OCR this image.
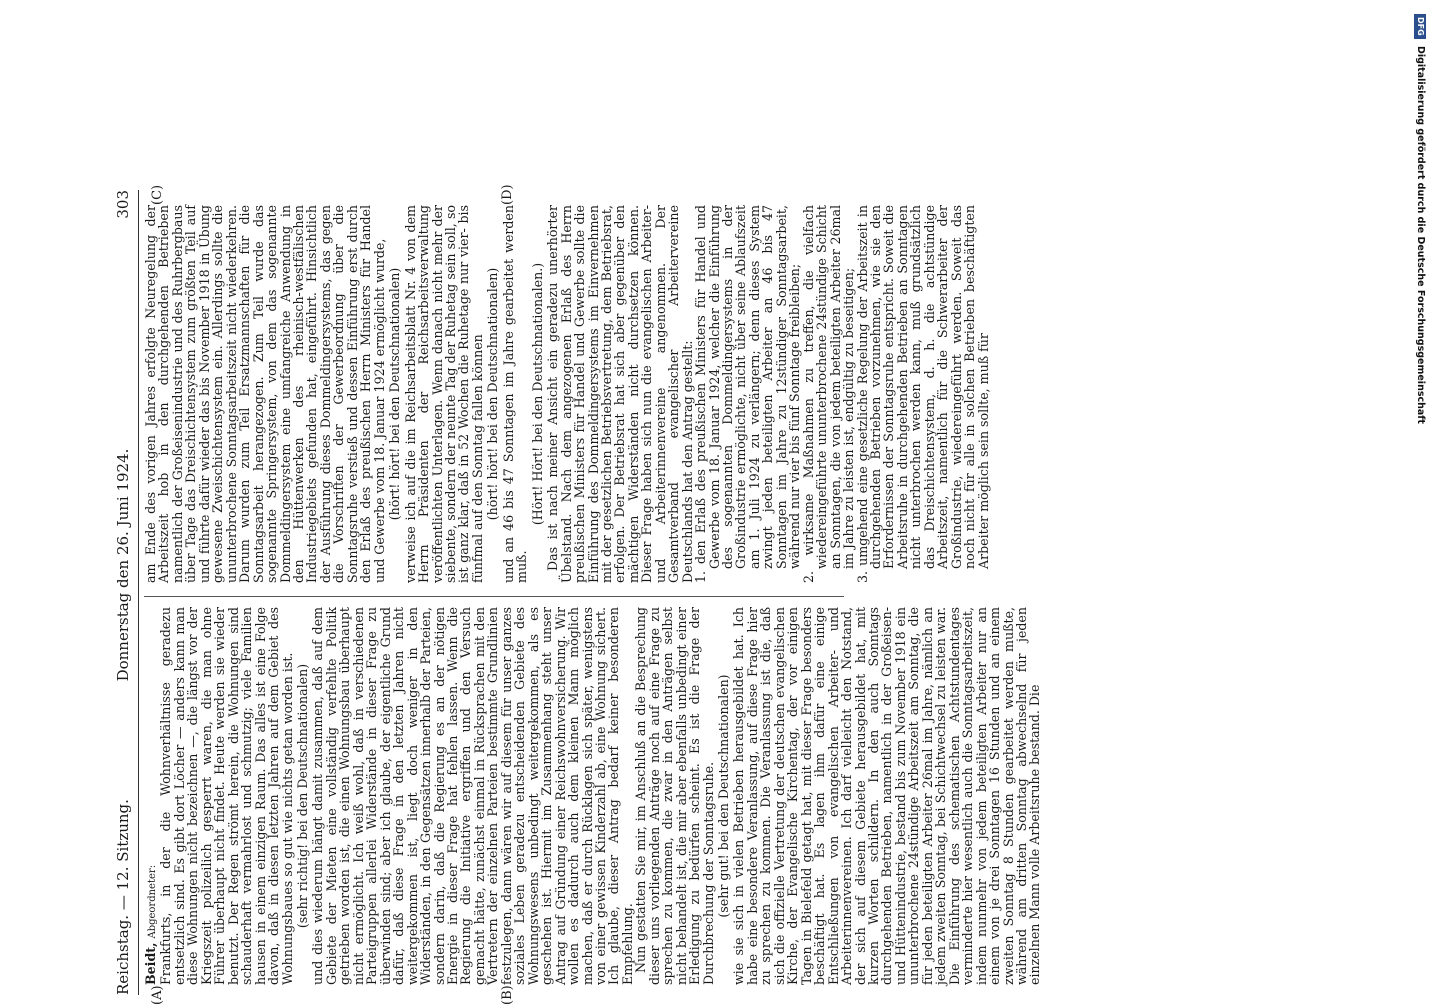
Reichstag. — 12. Sitzung.
Donnerstag den 26. Juni 1924.
303
(A)	(B)
(C)	(D)

Beidt, Abgeordneter: Frankfurts, in der die Wohnverhältnisse geradezu entsetzlich sind. Es gibt dort Löcher — anders kann man diese Wohnungen nicht bezeichnen —, die längst vor der Kriegszeit polizeilich gesperrt waren, die man ohne Führer überhaupt nicht findet. Heute werden sie wieder benutzt. Der Regen strömt herein, die Wohnungen sind schauderhaft vermahrlost und schmutzig; viele Familien hausen in einem einzigen Raum. Das alles ist eine Folge davon, daß in diesen letzten Jahren auf dem Gebiet des Wohnungsbaues so gut wie nichts getan worden ist. (sehr richtig! bei den Deutschnationalen) und dies wiederum hängt damit zusammen, daß auf dem Gebiete der Mieten eine vollständig verfehlte Politik getrieben worden ist, die einen Wohnungsbau überhaupt nicht ermöglicht. Ich weiß wohl, daß in verschiedenen Parteigruppen allerlei Widerstände in dieser Frage zu überwinden sind; aber ich glaube, der eigentliche Grund dafür, daß diese Frage in den letzten Jahren nicht weitergekommen ist, liegt doch weniger in den Widerständen, in den Gegensätzen innerhalb der Parteien, sondern darin, daß die Regierung es an der nötigen Energie in dieser Frage hat fehlen lassen. Wenn die Regierung die Initiative ergriffen und den Versuch gemacht hätte, zunächst einmal in Rücksprachen mit den Vertretern der einzelnen Parteien bestimmte Grundlinien festzulegen, dann wären wir auf diesem für unser ganzes soziales Leben geradezu entscheidenden Gebiete des Wohnungswesens unbedingt weitergekommen, als es geschehen ist. Hiermit im Zusammenhang steht unser Antrag auf Gründung einer Reichswohnversicherung. Wir wollen es dadurch auch dem kleinen Mann möglich machen, daß er durch Rücklagen sich später, wenigstens von einer gewissen Kinderzahl ab, eine Wohnung sichert. Ich glaube, dieser Antrag bedarf keiner besonderen Empfehlung.

Nun gestatten Sie mir, im Anschluß an die Besprechung dieser uns vorliegenden Anträge noch auf eine Frage zu sprechen zu kommen, die zwar in den Anträgen selbst nicht behandelt ist, die mir aber ebenfalls unbedingt einer Erledigung zu bedürfen scheint. Es ist die Frage der Durchbrechung der Sonntagsruhe. (sehr gut! bei den Deutschnationalen) wie sie sich in vielen Betrieben herausgebildet hat. Ich habe eine besondere Veranlassung, auf diese Frage hier zu sprechen zu kommen. Die Veranlassung ist die, daß sich die offizielle Vertretung der deutschen evangelischen Kirche, der Evangelische Kirchentag, der vor einigen Tagen in Bielefeld getagt hat, mit dieser Frage besonders beschäftigt hat. Es lagen ihm dafür eine einige Entschließungen von evangelischen Arbeiter- und Arbeiterinnenvereinen. Ich darf vielleicht den Notstand, der sich auf diesem Gebiete herausgebildet hat, mit kurzen Worten schildern. In den auch Sonntags durchgehenden Betrieben, namentlich in der Großeisen- und Hüttenindustrie, bestand bis zum November 1918 ein ununterbrochene 24stündige Arbeitszeit am Sonntag, die für jeden beteiligten Arbeiter 26mal im Jahre, nämlich an jedem zweiten Sonntag, bei Schichtwechsel zu leisten war. Die Einführung des schematischen Achtstundentages verminderte hier wesentlich auch die Sonntagsarbeitszeit, indem nunmehr von jedem beteiligten Arbeiter nur an einem von je drei Sonntagen 16 Stunden und an einem zweiten Sonntag 8 Stunden gearbeitet werden mußte, während am dritten Sonntag abwechselnd für jeden einzelnen Mann volle Arbeitsruhe bestand. Die

am Ende des vorigen Jahres erfolgte Neuregelung der Arbeitszeit hob in den durchgehenden Betrieben namentlich der Großeisenindustrie und des Ruhrbergbaus über Tage das Dreischichtensystem zum größten Teil auf und führte dafür wieder das bis November 1918 in Übung gewesene Zweischichtensystem ein. Allerdings sollte die ununterbrochene Sonntagsarbeitszeit nicht wiederkehren. Darum wurden zum Teil Ersatzmannschaften für die Sonntagsarbeit herangezogen. Zum Teil wurde das sogenannte Springersystem, von dem das sogenannte Dommeldingersystem eine umfangreiche Anwendung in den Hüttenwerken des rheinisch-westfälischen Industriegebiets gefunden hat, eingeführt. Hinsichtlich der Ausführung dieses Dommeldingersystems, das gegen die Vorschriften der Gewerbeordnung über die Sonntagsruhe verstieß und dessen Einführung erst durch den Erlaß des preußischen Herrn Ministers für Handel und Gewerbe vom 18. Januar 1924 ermöglicht wurde, (hört! hört! bei den Deutschnationalen) verweise ich auf die im Reichsarbeitsblatt Nr. 4 von dem Herrn Präsidenten der Reichsarbeitsverwaltung veröffentlichten Unterlagen. Wenn danach nicht mehr der siebente, sondern der neunte Tag der Ruhetag sein soll, so ist ganz klar, daß in 52 Wochen die Ruhetage nur vier- bis fünfmal auf den Sonntag fallen können (hört! hört! bei den Deutschnationalen) und an 46 bis 47 Sonntagen im Jahre gearbeitet werden muß.

(Hört! Hört! bei den Deutschnationalen.) Das ist nach meiner Ansicht ein geradezu unerhörter Übelstand. Nach dem angezogenen Erlaß des Herrn preußischen Ministers für Handel und Gewerbe sollte die Einführung des Dommeldingersystems im Einvernehmen mit der gesetzlichen Betriebsvertretung, dem Betriebsrat, erfolgen. Der Betriebsrat hat sich aber gegenüber den mächtigen Widerständen nicht durchsetzen können. Dieser Frage haben sich nun die evangelischen Arbeiter- und Arbeiterinnenvereine angenommen. Der Gesamtverband evangelischer Arbeitervereine Deutschlands hat den Antrag gestellt:

1. den Erlaß des preußischen Ministers für Handel und Gewerbe vom 18. Januar 1924, welcher die Einführung des sogenannten Dommeldingersystems in der Großindustrie ermöglichte, nicht über seine Ablaufszeit am 1. Juli 1924 zu verlängern; denn dieses System zwingt jeden beteiligten Arbeiter an 46 bis 47 Sonntagen im Jahre zu 12stündiger Sonntagsarbeit, während nur vier bis fünf Sonntage freibleiben;

2. wirksame Maßnahmen zu treffen, die vielfach wiedereingeführte ununterbrochene 24stündige Schicht an Sonntagen, die von jedem beteiligten Arbeiter 26mal im Jahre zu leisten ist, endgültig zu beseitigen;

3. umgehend eine gesetzliche Regelung der Arbeitszeit in durchgehenden Betrieben vorzunehmen, wie sie den Erfordernissen der Sonntagsruhe entspricht. Soweit die Arbeitsruhe in durchgehenden Betrieben an Sonntagen nicht unterbrochen werden kann, muß grundsätzlich das Dreischichtensystem, d. h. die achtstündige Arbeitszeit, namentlich für die Schwerarbeiter der Großindustrie, wiedereingeführt werden. Soweit das noch nicht für alle in solchen Betrieben beschäftigten Arbeiter möglich sein sollte, muß für

DFG Digitalisierung gefördert durch die Deutsche Forschungsgemeinschaft
